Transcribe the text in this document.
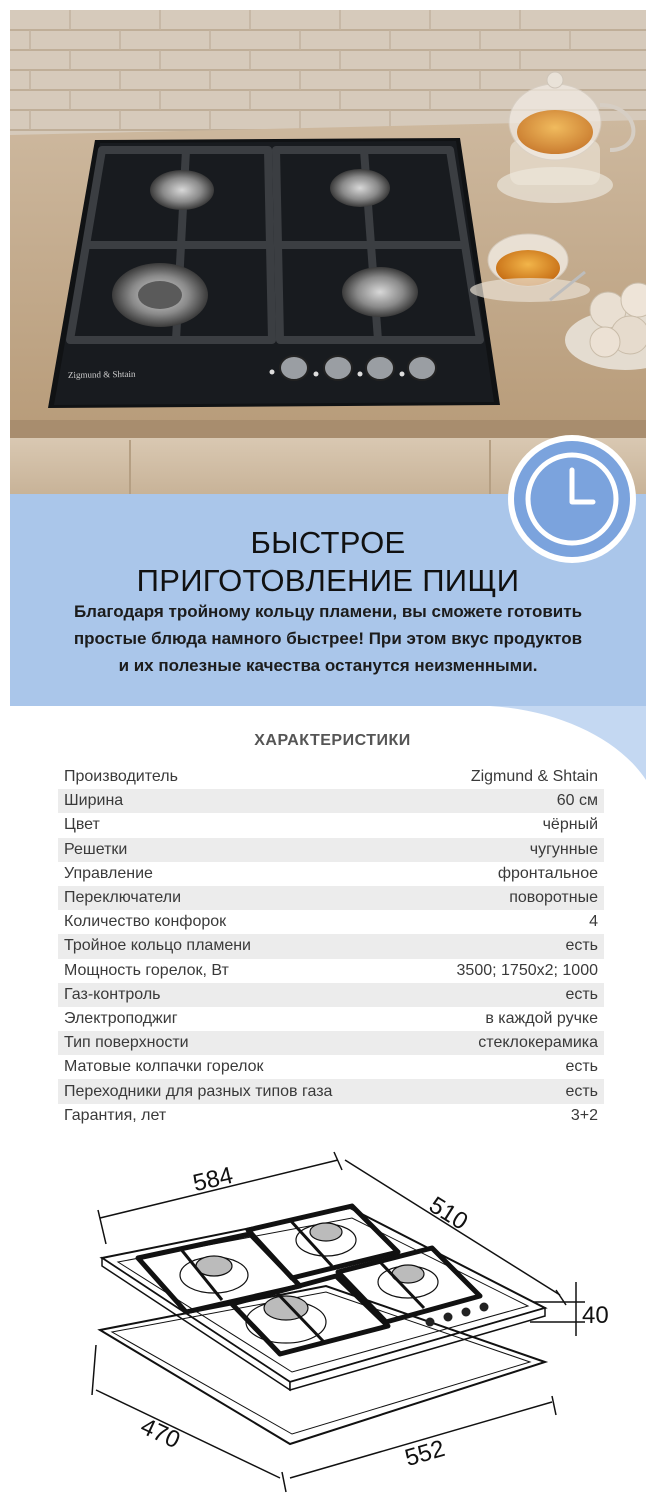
Zigmund & Shtain
БЫСТРОЕ
ПРИГОТОВЛЕНИЕ ПИЩИ
Благодаря тройному кольцу пламени, вы сможете готовить
простые блюда намного быстрее! При этом вкус продуктов
и их полезные качества останутся неизменными.
ХАРАКТЕРИСТИКИ
Производитель	Zigmund & Shtain
Ширина	60 см
Цвет	чёрный
Решетки	чугунные
Управление	фронтальное
Переключатели	поворотные
Количество конфорок	4
Тройное кольцо пламени	есть
Мощность горелок, Вт	3500; 1750x2; 1000
Газ-контроль	есть
Электроподжиг	в каждой ручке
Тип поверхности	стеклокерамика
Матовые колпачки горелок	есть
Переходники для разных типов газа	есть
Гарантия, лет	3+2
584
510
40
470	552
